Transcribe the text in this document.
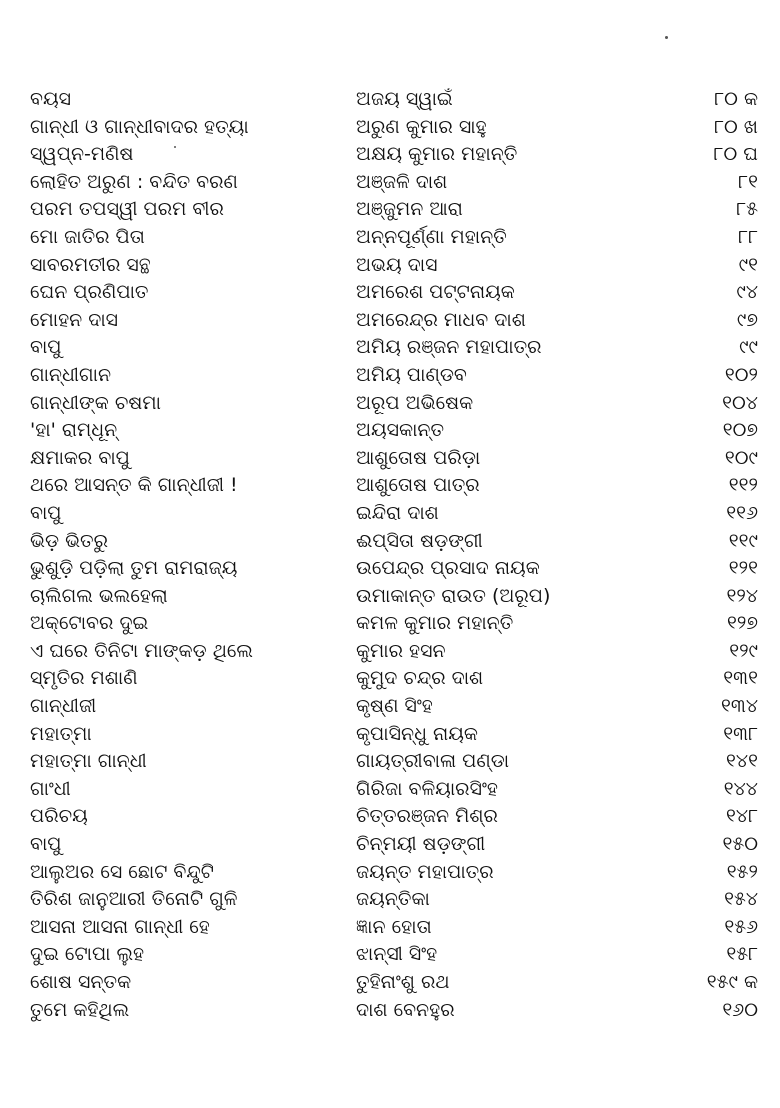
ବୟସ	ଅଜୟ ସ୍ୱାଇଁ	୮୦ କ
ଗାନ୍ଧୀ ଓ ଗାନ୍ଧୀବାଦର ହତ୍ୟା	ଅରୁଣ କୁମାର ସାହୁ	୮୦ ଖ
ସ୍ୱପ୍ନ-ମଣିଷ	ଅକ୍ଷୟ କୁମାର ମହାନ୍ତି	୮୦ ଘ
ଲୋହିତ ଅରୁଣ : ବନ୍ଦିତ ବରଣ	ଅଞ୍ଜଳି ଦାଶ	୮୧
ପରମ ତପସ୍ୱୀ ପରମ ବୀର	ଅଞ୍ଜୁମନ ଆରା	୮୫
ମୋ ଜାତିର ପିତା	ଅନ୍ନପୂର୍ଣ୍ଣା ମହାନ୍ତି	୮୮
ସାବରମତୀର ସନ୍ଥ	ଅଭୟ ଦାସ	୯୧
ଘେନ ପ୍ରଣିପାତ	ଅମରେଶ ପଟ୍ଟନାୟକ	୯୪
ମୋହନ ଦାସ	ଅମରେନ୍ଦ୍ର ମାଧବ ଦାଶ	୯୭
ବାପୁ	ଅମିୟ ରଞ୍ଜନ ମହାପାତ୍ର	୯୯
ଗାନ୍ଧୀଗାନ	ଅମିୟ ପାଣ୍ଡବ	୧୦୨
ଗାନ୍ଧୀଙ୍କ ଚଷମା	ଅରୂପ ଅଭିଷେକ	୧୦୪
'ହା' ରାମ୍‌ଧୂନ୍‌	ଅୟସକାନ୍ତ	୧୦୭
କ୍ଷମାକର ବାପୁ	ଆଶୁତୋଷ ପରିଡ଼ା	୧୦୯
ଥରେ ଆସନ୍ତ କି ଗାନ୍ଧୀଜୀ !	ଆଶୁତୋଷ ପାତ୍ର	୧୧୨
ବାପୁ	ଇନ୍ଦିରା ଦାଶ	୧୧୬
ଭିଡ଼ ଭିତରୁ	ଈପ୍‌ସିତା ଷଡ଼ଙ୍ଗୀ	୧୧୯
ଭୁଶୁଡ଼ି ପଡ଼ିଲା ତୁମ ରାମରାଜ୍ୟ	ଉପେନ୍ଦ୍ର ପ୍ରସାଦ ନାୟକ	୧୨୧
ଚାଲିଗଲ ଭଲହେଲା	ଉମାକାନ୍ତ ରାଉତ (ଅରୂପ)	୧୨୪
ଅକ୍ଟୋବର ଦୁଇ	କମଳ କୁମାର ମହାନ୍ତି	୧୨୭
ଏ ଘରେ ତିନିଟା ମାଙ୍କଡ଼ ଥିଲେ	କୁମାର ହସନ	୧୨୯
ସ୍ମୃତିର ମଶାଣି	କୁମୁଦ ଚନ୍ଦ୍ର ଦାଶ	୧୩୧
ଗାନ୍ଧୀଜୀ	କୃଷ୍ଣ ସିଂହ	୧୩୪
ମହାତ୍ମା	କୃପାସିନ୍ଧୁ ନାୟକ	୧୩୮
ମହାତ୍ମା ଗାନ୍ଧୀ	ଗାୟତ୍ରୀବାଳା ପଣ୍ଡା	୧୪୧
ଗାଂଧୀ	ଗିରିଜା ବଳିୟାରସିଂହ	୧୪୪
ପରିଚୟ	ଚିତ୍ତରଞ୍ଜନ ମିଶ୍ର	୧୪୮
ବାପୁ	ଚିନ୍ମୟୀ ଷଡ଼ଙ୍ଗୀ	୧୫୦
ଆଲୁଅର ସେ ଛୋଟ ବିନ୍ଦୁଟି	ଜୟନ୍ତ ମହାପାତ୍ର	୧୫୨
ତିରିଶ ଜାନୁଆରୀ ତିନୋଟି ଗୁଳି	ଜୟନ୍ତିକା	୧୫୪
ଆସନା ଆସନା ଗାନ୍ଧୀ ହେ	ଜ୍ଞାନ ହୋତା	୧୫୬
ଦୁଇ ଟୋପା ଲୁହ	ଝାନ୍‌ସୀ ସିଂହ	୧୫୮
ଶୋଷ ସନ୍ତକ	ତୁହିନାଂଶୁ ରଥ	୧୫୯ କ
ତୁମେ କହିଥିଲ	ଦାଶ ବେନହୁର	୧୬୦
